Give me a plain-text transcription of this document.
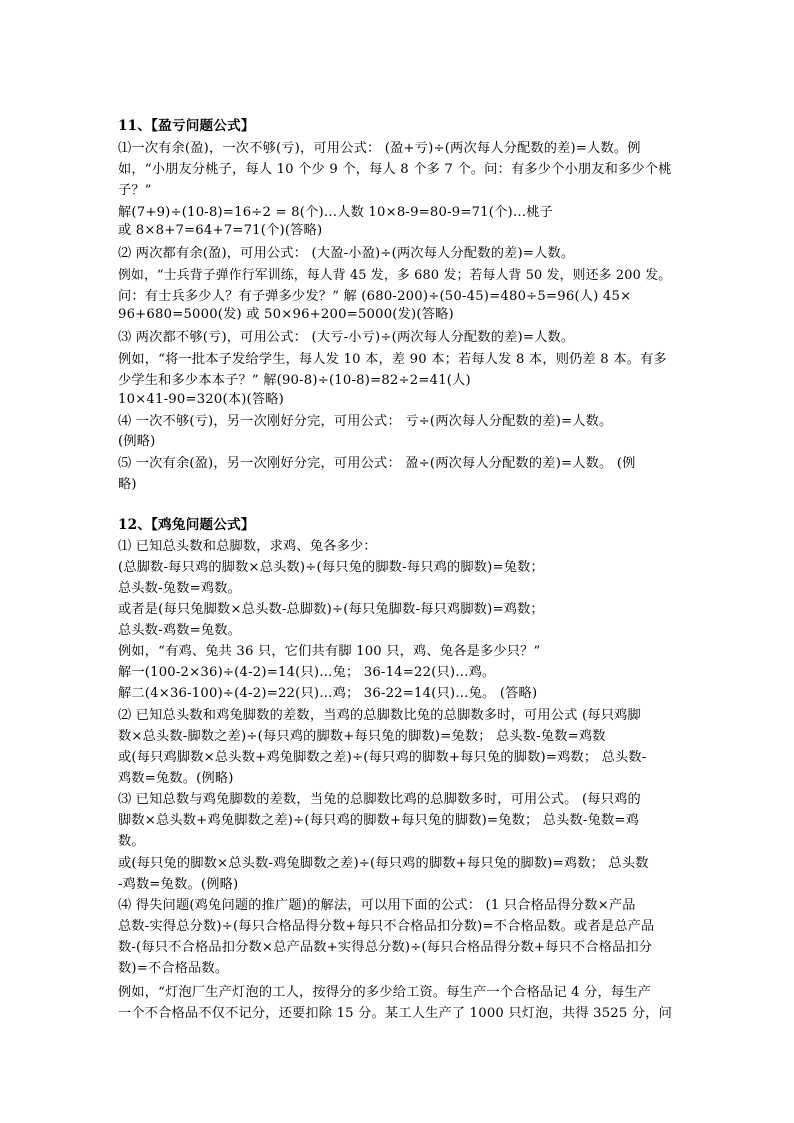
11、【盈亏问题公式】
⑴一次有余(盈)，一次不够(亏)，可用公式： (盈+亏)÷(两次每人分配数的差)=人数。例
如，“小朋友分桃子，每人 10 个少 9 个，每人 8 个多 7 个。问：有多少个小朋友和多少个桃
子？”
解(7+9)÷(10-8)=16÷2 = 8(个)…人数 10×8-9=80-9=71(个)…桃子
或 8×8+7=64+7=71(个)(答略)
⑵ 两次都有余(盈)，可用公式： (大盈-小盈)÷(两次每人分配数的差)=人数。
例如，“士兵背子弹作行军训练，每人背 45 发，多 680 发；若每人背 50 发，则还多 200 发。
问：有士兵多少人？有子弹多少发？” 解 (680-200)÷(50-45)=480÷5=96(人) 45×
96+680=5000(发) 或 50×96+200=5000(发)(答略)
⑶ 两次都不够(亏)，可用公式： (大亏-小亏)÷(两次每人分配数的差)=人数。
例如，“将一批本子发给学生，每人发 10 本，差 90 本；若每人发 8 本，则仍差 8 本。有多
少学生和多少本本子？” 解(90-8)÷(10-8)=82÷2=41(人)
10×41-90=320(本)(答略)
⑷ 一次不够(亏)，另一次刚好分完，可用公式： 亏÷(两次每人分配数的差)=人数。
(例略)
⑸ 一次有余(盈)，另一次刚好分完，可用公式： 盈÷(两次每人分配数的差)=人数。 (例
略)
12、【鸡兔问题公式】
⑴ 已知总头数和总脚数，求鸡、兔各多少：
(总脚数-每只鸡的脚数×总头数)÷(每只兔的脚数-每只鸡的脚数)=兔数；
总头数-兔数=鸡数。
或者是(每只兔脚数×总头数-总脚数)÷(每只兔脚数-每只鸡脚数)=鸡数；
总头数-鸡数=兔数。
例如，“有鸡、兔共 36 只，它们共有脚 100 只，鸡、兔各是多少只？”
解一(100-2×36)÷(4-2)=14(只)…兔； 36-14=22(只)…鸡。
解二(4×36-100)÷(4-2)=22(只)…鸡； 36-22=14(只)…兔。 (答略)
⑵ 已知总头数和鸡兔脚数的差数，当鸡的总脚数比兔的总脚数多时，可用公式 (每只鸡脚
数×总头数-脚数之差)÷(每只鸡的脚数+每只兔的脚数)=兔数； 总头数-兔数=鸡数
或(每只鸡脚数×总头数+鸡兔脚数之差)÷(每只鸡的脚数+每只兔的脚数)=鸡数； 总头数-
鸡数=兔数。(例略)
⑶ 已知总数与鸡兔脚数的差数，当兔的总脚数比鸡的总脚数多时，可用公式。 (每只鸡的
脚数×总头数+鸡兔脚数之差)÷(每只鸡的脚数+每只兔的脚数)=兔数； 总头数-兔数=鸡
数。
或(每只兔的脚数×总头数-鸡兔脚数之差)÷(每只鸡的脚数+每只兔的脚数)=鸡数； 总头数
-鸡数=兔数。(例略)
⑷ 得失问题(鸡兔问题的推广题)的解法，可以用下面的公式： (1 只合格品得分数×产品
总数-实得总分数)÷(每只合格品得分数+每只不合格品扣分数)=不合格品数。或者是总产品
数-(每只不合格品扣分数×总产品数+实得总分数)÷(每只合格品得分数+每只不合格品扣分
数)=不合格品数。
例如，“灯泡厂生产灯泡的工人，按得分的多少给工资。每生产一个合格品记 4 分，每生产
一个不合格品不仅不记分，还要扣除 15 分。某工人生产了 1000 只灯泡，共得 3525 分，问
